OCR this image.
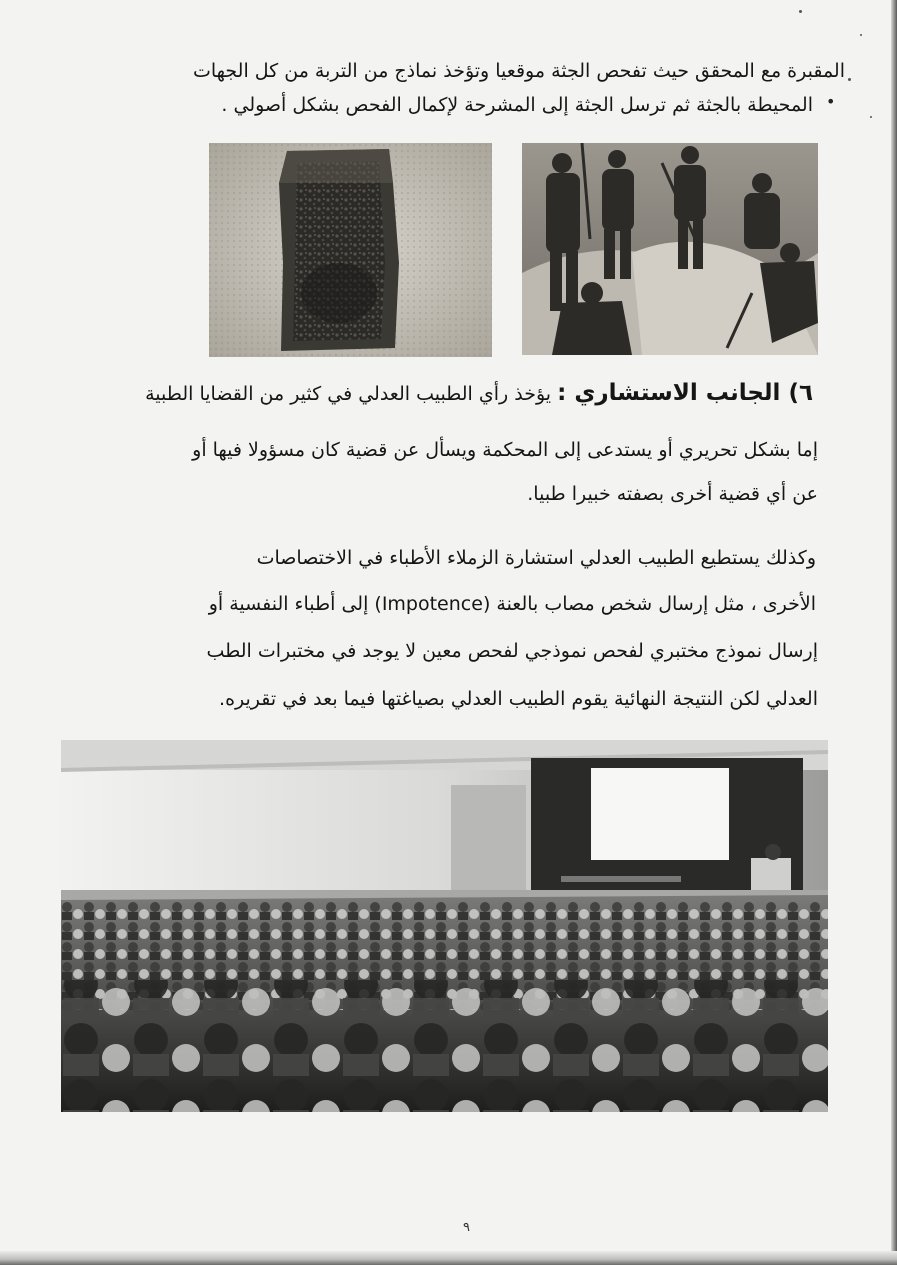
المقبرة مع المحقق حيث تفحص الجثة موقعيا وتؤخذ نماذج من التربة من كل الجهات
•
المحيطة بالجثة ثم ترسل الجثة إلى المشرحة لإكمال الفحص بشكل أصولي .
٦) الجانب الاستشاري : يؤخذ رأي الطبيب العدلي في كثير من القضايا الطبية
إما بشكل تحريري أو يستدعى إلى المحكمة ويسأل عن قضية كان مسؤولا فيها أو
عن أي قضية أخرى بصفته خبيرا طبيا.
وكذلك يستطيع الطبيب العدلي استشارة الزملاء الأطباء في الاختصاصات
الأخرى ، مثل إرسال شخص مصاب بالعنة (Impotence) إلى أطباء النفسية أو
إرسال نموذج مختبري لفحص نموذجي لفحص معين لا يوجد في مختبرات الطب
العدلي لكن النتيجة النهائية يقوم الطبيب العدلي بصياغتها فيما بعد في تقريره.
٩
